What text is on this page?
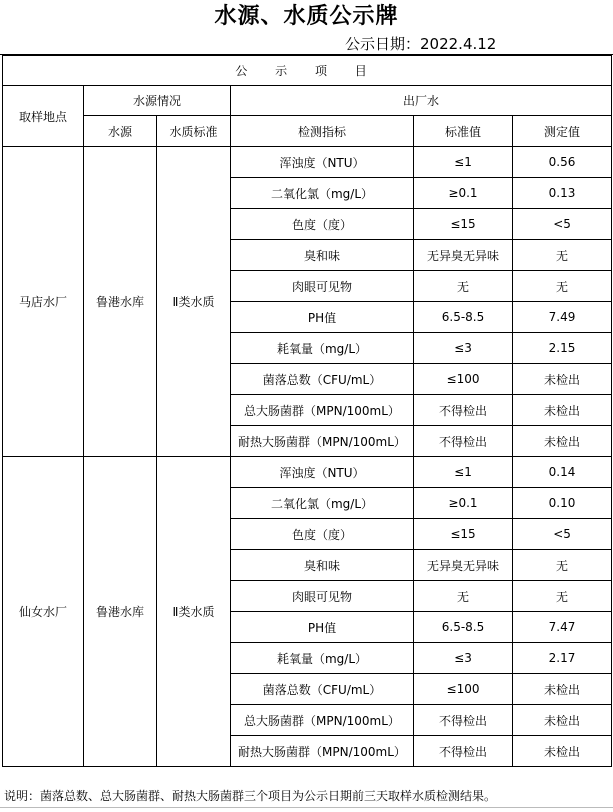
水源、水质公示牌
公示日期：2022.4.12
公 示 项 目					
取样地点	水源情况		出厂水		
	水源	水质标准	检测指标	标准值	测定值
马店水厂	鲁港水库	Ⅱ类水质	浑浊度（NTU）	≤1	0.56
			二氧化氯（mg/L）	≥0.1	0.13
			色度（度）	≤15	<5
			臭和味	无异臭无异味	无
			肉眼可见物	无	无
			PH值	6.5-8.5	7.49
			耗氧量（mg/L）	≤3	2.15
			菌落总数（CFU/mL）	≤100	未检出
			总大肠菌群（MPN/100mL）	不得检出	未检出
			耐热大肠菌群（MPN/100mL）	不得检出	未检出
仙女水厂	鲁港水库	Ⅱ类水质	浑浊度（NTU）	≤1	0.14
			二氧化氯（mg/L）	≥0.1	0.10
			色度（度）	≤15	<5
			臭和味	无异臭无异味	无
			肉眼可见物	无	无
			PH值	6.5-8.5	7.47
			耗氧量（mg/L）	≤3	2.17
			菌落总数（CFU/mL）	≤100	未检出
			总大肠菌群（MPN/100mL）	不得检出	未检出
			耐热大肠菌群（MPN/100mL）	不得检出	未检出
说明：菌落总数、总大肠菌群、耐热大肠菌群三个项目为公示日期前三天取样水质检测结果。
